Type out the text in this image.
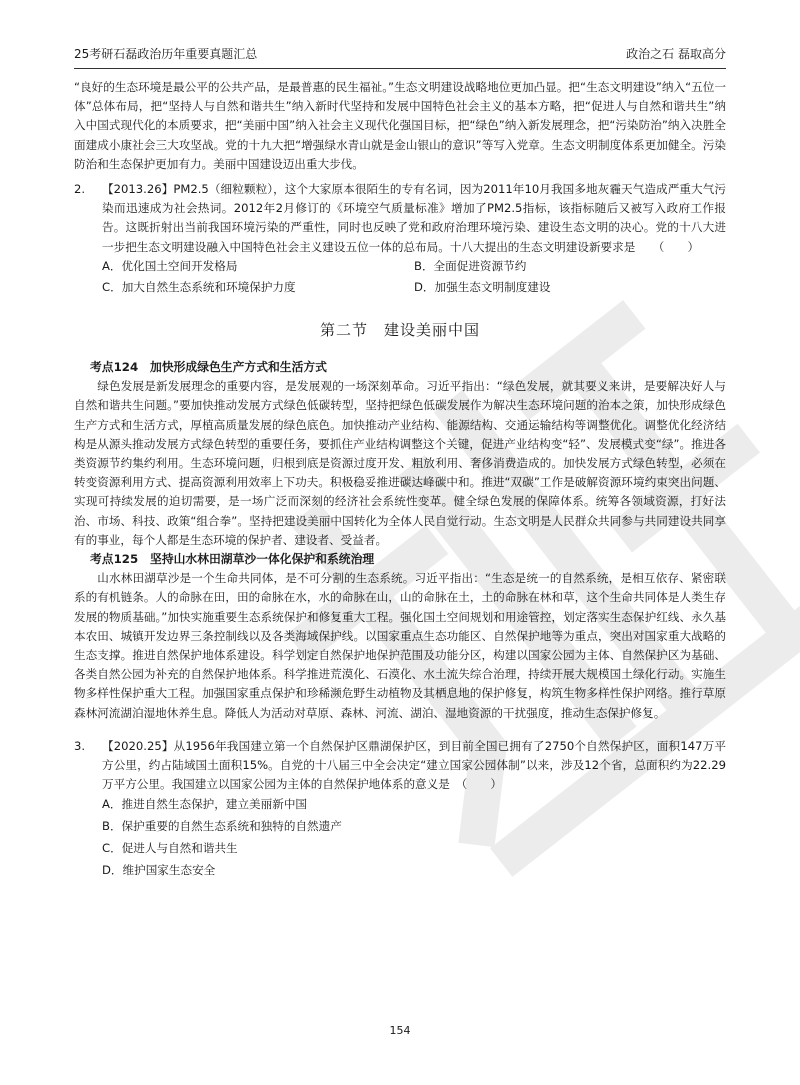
25考研石磊政治历年重要真题汇总	政治之石 磊取高分

“良好的生态环境是最公平的公共产品，是最普惠的民生福祉。”生态文明建设战略地位更加凸显。把“生态文明建设”纳入“五位一体”总体布局，把“坚持人与自然和谐共生”纳入新时代坚持和发展中国特色社会主义的基本方略，把“促进人与自然和谐共生”纳入中国式现代化的本质要求，把“美丽中国”纳入社会主义现代化强国目标，把“绿色”纳入新发展理念，把“污染防治”纳入决胜全面建成小康社会三大攻坚战。党的十九大把“增强绿水青山就是金山银山的意识”等写入党章。生态文明制度体系更加健全。污染防治和生态保护更加有力。美丽中国建设迈出重大步伐。

2.	【2013.26】PM2.5（细粒颗粒），这个大家原本很陌生的专有名词，因为2011年10月我国多地灰霾天气造成严重大气污染而迅速成为社会热词。2012年2月修订的《环境空气质量标准》增加了PM2.5指标，该指标随后又被写入政府工作报告。这既折射出当前我国环境污染的严重性，同时也反映了党和政府治理环境污染、建设生态文明的决心。党的十八大进一步把生态文明建设融入中国特色社会主义建设五位一体的总布局。十八大提出的生态文明建设新要求是　　（　　）
A．优化国土空间开发格局	B．全面促进资源节约
C．加大自然生态系统和环境保护力度	D．加强生态文明制度建设
第二节　建设美丽中国

考点124　加快形成绿色生产方式和生活方式

绿色发展是新发展理念的重要内容，是发展观的一场深刻革命。习近平指出：“绿色发展，就其要义来讲，是要解决好人与自然和谐共生问题。”要加快推动发展方式绿色低碳转型，坚持把绿色低碳发展作为解决生态环境问题的治本之策，加快形成绿色生产方式和生活方式，厚植高质量发展的绿色底色。加快推动产业结构、能源结构、交通运输结构等调整优化。调整优化经济结构是从源头推动发展方式绿色转型的重要任务，要抓住产业结构调整这个关键，促进产业结构变“轻”、发展模式变“绿”。推进各类资源节约集约利用。生态环境问题，归根到底是资源过度开发、粗放利用、奢侈消费造成的。加快发展方式绿色转型，必须在转变资源利用方式、提高资源利用效率上下功夫。积极稳妥推进碳达峰碳中和。推进“双碳”工作是破解资源环境约束突出问题、实现可持续发展的迫切需要，是一场广泛而深刻的经济社会系统性变革。健全绿色发展的保障体系。统筹各领域资源，打好法治、市场、科技、政策“组合拳”。坚持把建设美丽中国转化为全体人民自觉行动。生态文明是人民群众共同参与共同建设共同享有的事业，每个人都是生态环境的保护者、建设者、受益者。

考点125　坚持山水林田湖草沙一体化保护和系统治理

山水林田湖草沙是一个生命共同体，是不可分割的生态系统。习近平指出：“生态是统一的自然系统，是相互依存、紧密联系的有机链条。人的命脉在田，田的命脉在水，水的命脉在山，山的命脉在土，土的命脉在林和草，这个生命共同体是人类生存发展的物质基础。”加快实施重要生态系统保护和修复重大工程。强化国土空间规划和用途管控，划定落实生态保护红线、永久基本农田、城镇开发边界三条控制线以及各类海域保护线。以国家重点生态功能区、自然保护地等为重点，突出对国家重大战略的生态支撑。推进自然保护地体系建设。科学划定自然保护地保护范围及功能分区，构建以国家公园为主体、自然保护区为基础、各类自然公园为补充的自然保护地体系。科学推进荒漠化、石漠化、水土流失综合治理，持续开展大规模国土绿化行动。实施生物多样性保护重大工程。加强国家重点保护和珍稀濒危野生动植物及其栖息地的保护修复，构筑生物多样性保护网络。推行草原森林河流湖泊湿地休养生息。降低人为活动对草原、森林、河流、湖泊、湿地资源的干扰强度，推动生态保护修复。

3.	【2020.25】从1956年我国建立第一个自然保护区鼎湖保护区，到目前全国已拥有了2750个自然保护区，面积147万平方公里，约占陆域国土面积15%。自党的十八届三中全会决定“建立国家公园体制”以来，涉及12个省，总面积约为22.29万平方公里。我国建立以国家公园为主体的自然保护地体系的意义是　（　　）
A．推进自然生态保护，建立美丽新中国
B．保护重要的自然生态系统和独特的自然遗产
C．促进人与自然和谐共生
D．维护国家生态安全
154
